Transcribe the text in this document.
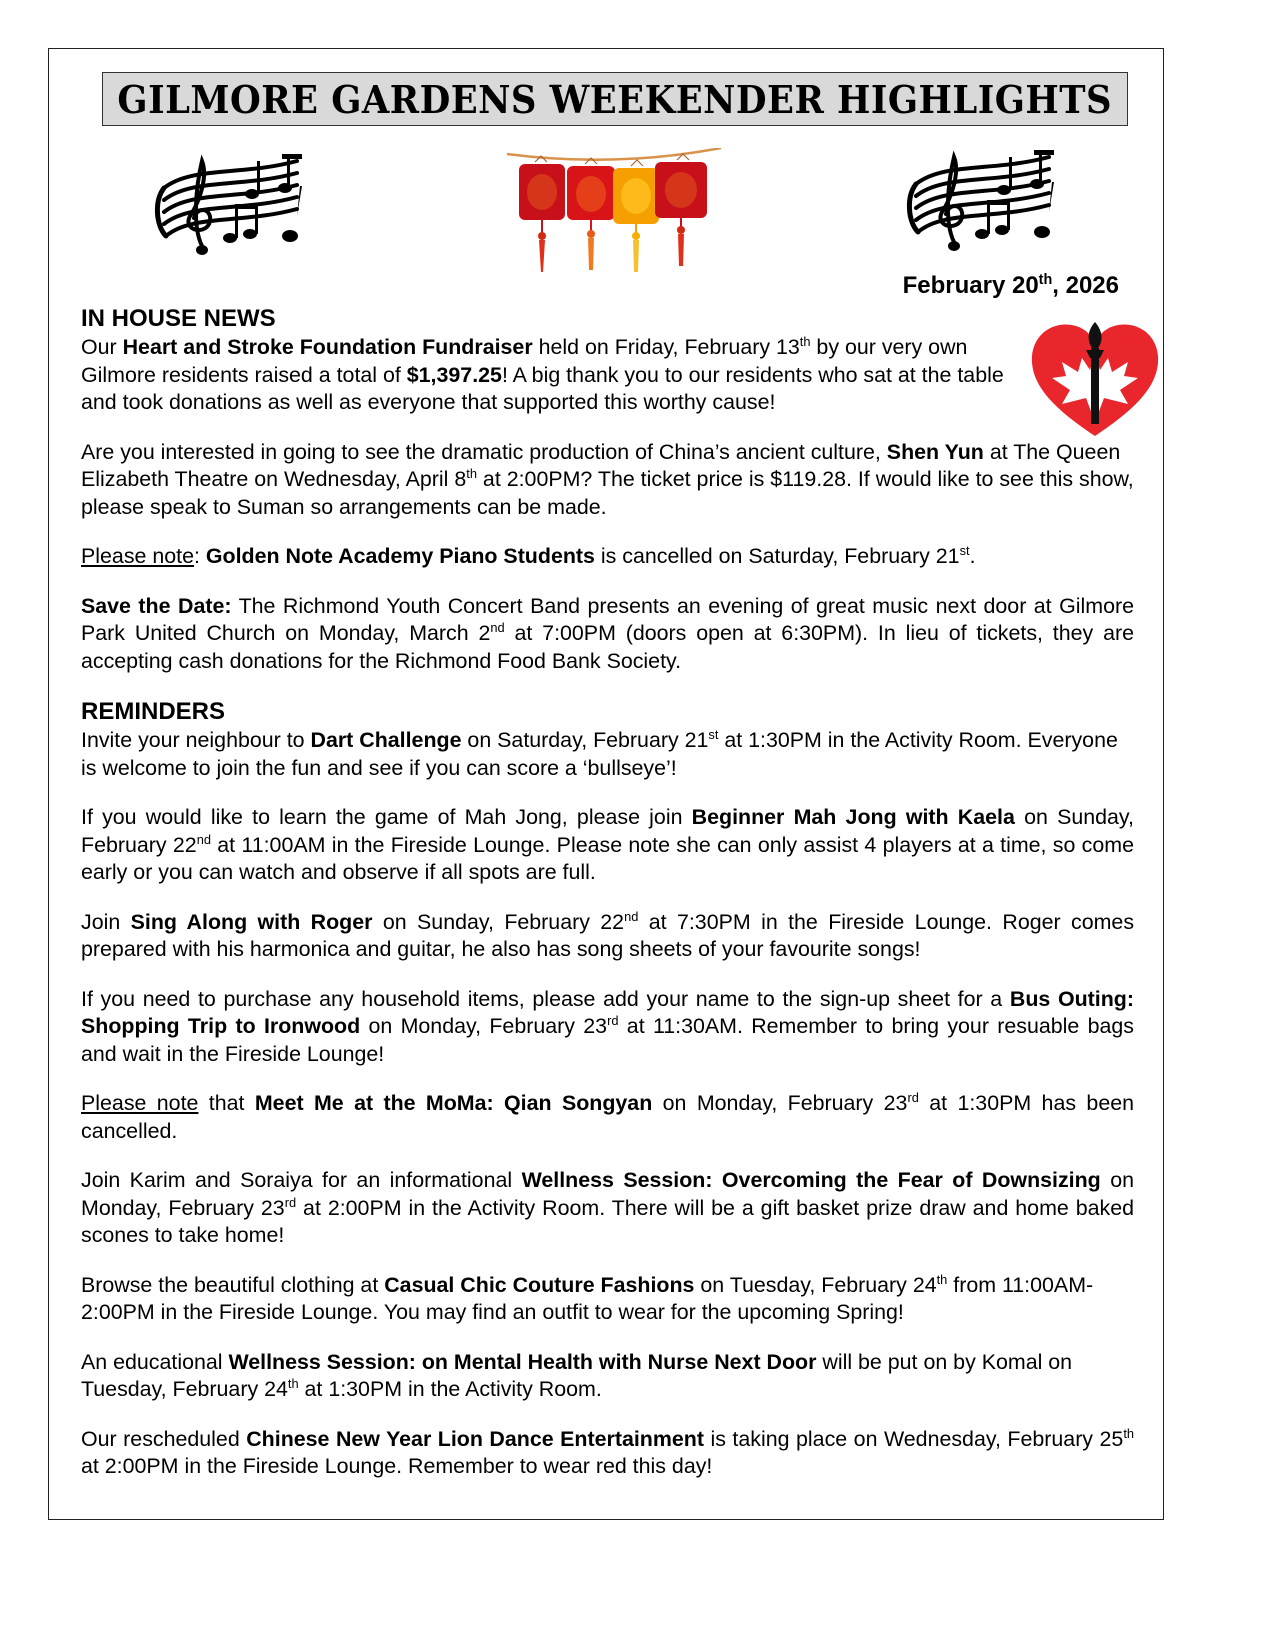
GILMORE GARDENS WEEKENDER HIGHLIGHTS
February 20th, 2026
IN HOUSE NEWS

Our Heart and Stroke Foundation Fundraiser held on Friday, February 13th by our very own Gilmore residents raised a total of $1,397.25! A big thank you to our residents who sat at the table and took donations as well as everyone that supported this worthy cause!

Are you interested in going to see the dramatic production of China’s ancient culture, Shen Yun at The Queen Elizabeth Theatre on Wednesday, April 8th at 2:00PM? The ticket price is $119.28. If would like to see this show, please speak to Suman so arrangements can be made.

Please note: Golden Note Academy Piano Students is cancelled on Saturday, February 21st.

Save the Date: The Richmond Youth Concert Band presents an evening of great music next door at Gilmore Park United Church on Monday, March 2nd at 7:00PM (doors open at 6:30PM). In lieu of tickets, they are accepting cash donations for the Richmond Food Bank Society.

REMINDERS

Invite your neighbour to Dart Challenge on Saturday, February 21st at 1:30PM in the Activity Room. Everyone is welcome to join the fun and see if you can score a ‘bullseye’!

If you would like to learn the game of Mah Jong, please join Beginner Mah Jong with Kaela on Sunday, February 22nd at 11:00AM in the Fireside Lounge. Please note she can only assist 4 players at a time, so come early or you can watch and observe if all spots are full.

Join Sing Along with Roger on Sunday, February 22nd at 7:30PM in the Fireside Lounge. Roger comes prepared with his harmonica and guitar, he also has song sheets of your favourite songs!

If you need to purchase any household items, please add your name to the sign-up sheet for a Bus Outing: Shopping Trip to Ironwood on Monday, February 23rd at 11:30AM. Remember to bring your resuable bags and wait in the Fireside Lounge!

Please note that Meet Me at the MoMa: Qian Songyan on Monday, February 23rd at 1:30PM has been cancelled.

Join Karim and Soraiya for an informational Wellness Session: Overcoming the Fear of Downsizing on Monday, February 23rd at 2:00PM in the Activity Room. There will be a gift basket prize draw and home baked scones to take home!

Browse the beautiful clothing at Casual Chic Couture Fashions on Tuesday, February 24th from 11:00AM-2:00PM in the Fireside Lounge. You may find an outfit to wear for the upcoming Spring!

An educational Wellness Session: on Mental Health with Nurse Next Door will be put on by Komal on Tuesday, February 24th at 1:30PM in the Activity Room.

Our rescheduled Chinese New Year Lion Dance Entertainment is taking place on Wednesday, February 25th at 2:00PM in the Fireside Lounge. Remember to wear red this day!
